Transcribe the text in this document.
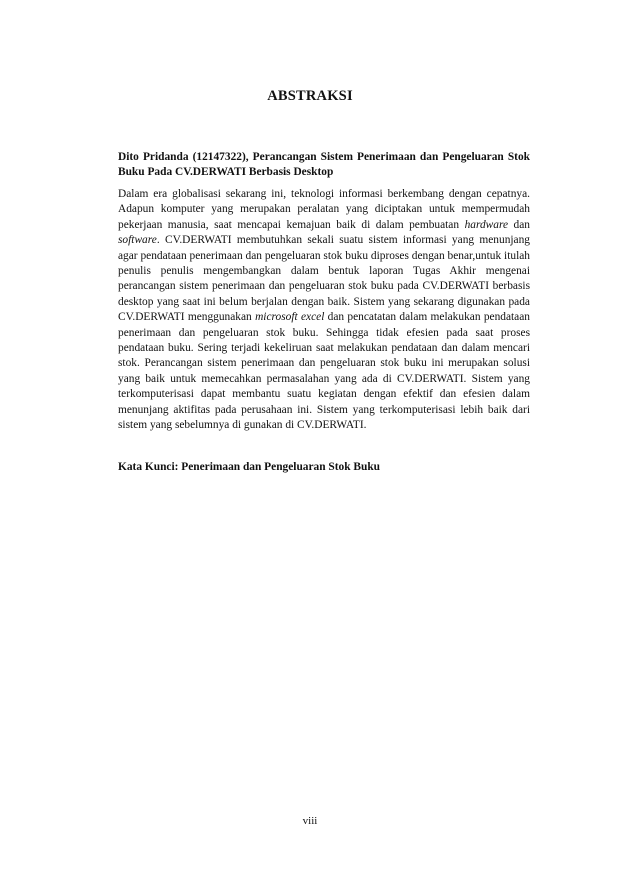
ABSTRAKSI

Dito Pridanda (12147322), Perancangan Sistem Penerimaan dan Pengeluaran Stok Buku Pada CV.DERWATI Berbasis Desktop

Dalam era globalisasi sekarang ini, teknologi informasi berkembang dengan cepatnya. Adapun komputer yang merupakan peralatan yang diciptakan untuk mempermudah pekerjaan manusia, saat mencapai kemajuan baik di dalam pembuatan hardware dan software. CV.DERWATI membutuhkan sekali suatu sistem informasi yang menunjang agar pendataan penerimaan dan pengeluaran stok buku diproses dengan benar,untuk itulah penulis penulis mengembangkan dalam bentuk laporan Tugas Akhir mengenai perancangan sistem penerimaan dan pengeluaran stok buku pada CV.DERWATI berbasis desktop yang saat ini belum berjalan dengan baik. Sistem yang sekarang digunakan pada CV.DERWATI menggunakan microsoft excel dan pencatatan dalam melakukan pendataan penerimaan dan pengeluaran stok buku. Sehingga tidak efesien pada saat proses pendataan buku. Sering terjadi kekeliruan saat melakukan pendataan dan dalam mencari stok. Perancangan sistem penerimaan dan pengeluaran stok buku ini merupakan solusi yang baik untuk memecahkan permasalahan yang ada di CV.DERWATI. Sistem yang terkomputerisasi dapat membantu suatu kegiatan dengan efektif dan efesien dalam menunjang aktifitas pada perusahaan ini. Sistem yang terkomputerisasi lebih baik dari sistem yang sebelumnya di gunakan di CV.DERWATI.

Kata Kunci: Penerimaan dan Pengeluaran Stok Buku

viii
